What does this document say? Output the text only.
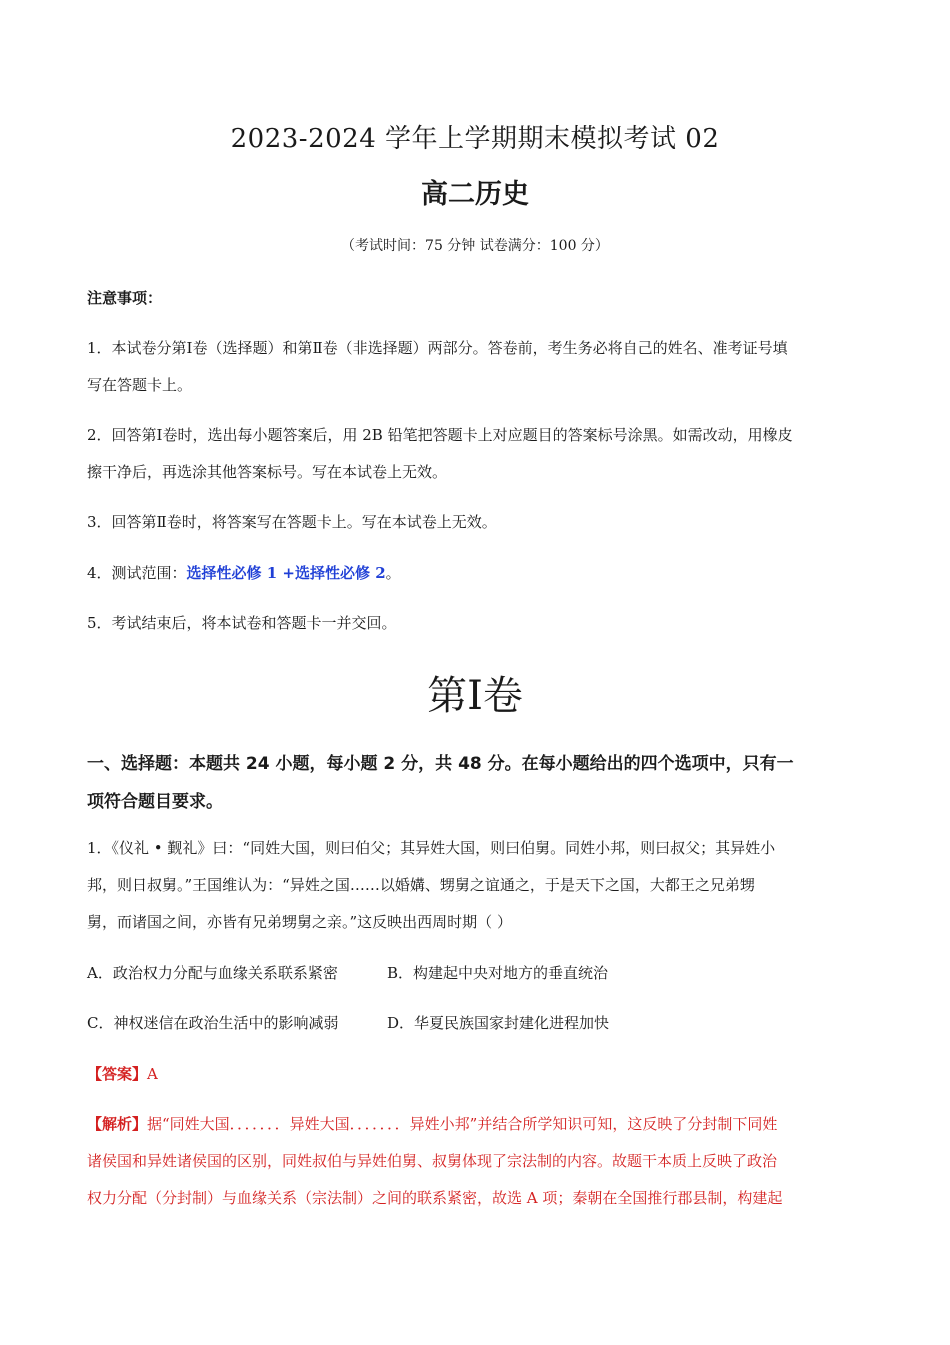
2023-2024 学年上学期期末模拟考试 02
高二历史
（考试时间：75 分钟 试卷满分：100 分）
注意事项：
1．本试卷分第Ⅰ卷（选择题）和第Ⅱ卷（非选择题）两部分。答卷前，考生务必将自己的姓名、准考证号填
写在答题卡上。
2．回答第Ⅰ卷时，选出每小题答案后，用 2B 铅笔把答题卡上对应题目的答案标号涂黑。如需改动，用橡皮
擦干净后，再选涂其他答案标号。写在本试卷上无效。
3．回答第Ⅱ卷时，将答案写在答题卡上。写在本试卷上无效。
4．测试范围：选择性必修 1 +选择性必修 2。
5．考试结束后，将本试卷和答题卡一并交回。
第Ⅰ卷
一、选择题：本题共 24 小题，每小题 2 分，共 48 分。在每小题给出的四个选项中，只有一
项符合题目要求。
1．《仪礼 • 觐礼》曰：“同姓大国，则曰伯父；其异姓大国，则曰伯舅。同姓小邦，则曰叔父；其异姓小
邦，则日叔舅。”王国维认为：“异姓之国……以婚媾、甥舅之谊通之，于是天下之国，大都王之兄弟甥
舅，而诸国之间，亦皆有兄弟甥舅之亲。”这反映出西周时期（ ）
A．政治权力分配与血缘关系联系紧密	B．构建起中央对地方的垂直统治
C．神权迷信在政治生活中的影响减弱	D．华夏民族国家封建化进程加快
【答案】A
【解析】据“同姓大国．．．．．．．异姓大国．．．．．．．异姓小邦”并结合所学知识可知，这反映了分封制下同姓
诸侯国和异姓诸侯国的区别，同姓叔伯与异姓伯舅、叔舅体现了宗法制的内容。故题干本质上反映了政治
权力分配（分封制）与血缘关系（宗法制）之间的联系紧密，故选 A 项；秦朝在全国推行郡县制，构建起
